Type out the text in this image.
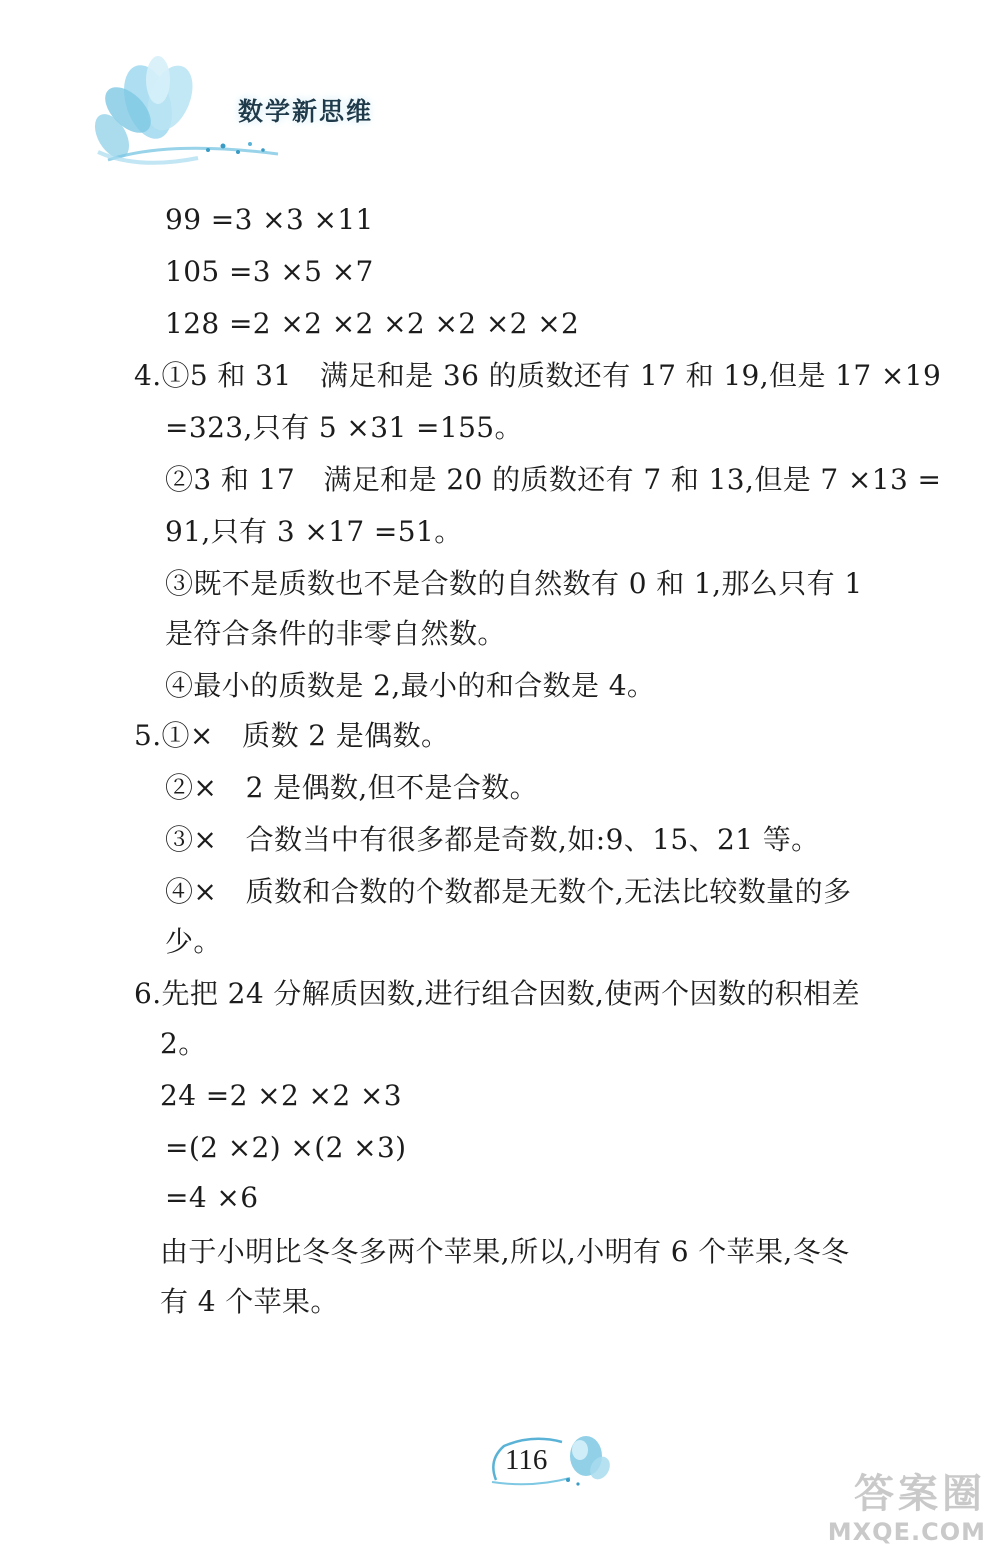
数学新思维
99 =3 ×3 ×11
105 =3 ×5 ×7
128 =2 ×2 ×2 ×2 ×2 ×2 ×2
4.①5 和 31　满足和是 36 的质数还有 17 和 19,但是 17 ×19
=323,只有 5 ×31 =155。
②3 和 17　满足和是 20 的质数还有 7 和 13,但是 7 ×13 =
91,只有 3 ×17 =51。
③既不是质数也不是合数的自然数有 0 和 1,那么只有 1
是符合条件的非零自然数。
④最小的质数是 2,最小的和合数是 4。
5.①×　质数 2 是偶数。
②×　2 是偶数,但不是合数。
③×　合数当中有很多都是奇数,如:9、15、21 等。
④×　质数和合数的个数都是无数个,无法比较数量的多
少。
6.先把 24 分解质因数,进行组合因数,使两个因数的积相差
2。
24 =2 ×2 ×2 ×3
=(2 ×2) ×(2 ×3)
=4 ×6
由于小明比冬冬多两个苹果,所以,小明有 6 个苹果,冬冬
有 4 个苹果。
116
答案圈
MXQE.COM
